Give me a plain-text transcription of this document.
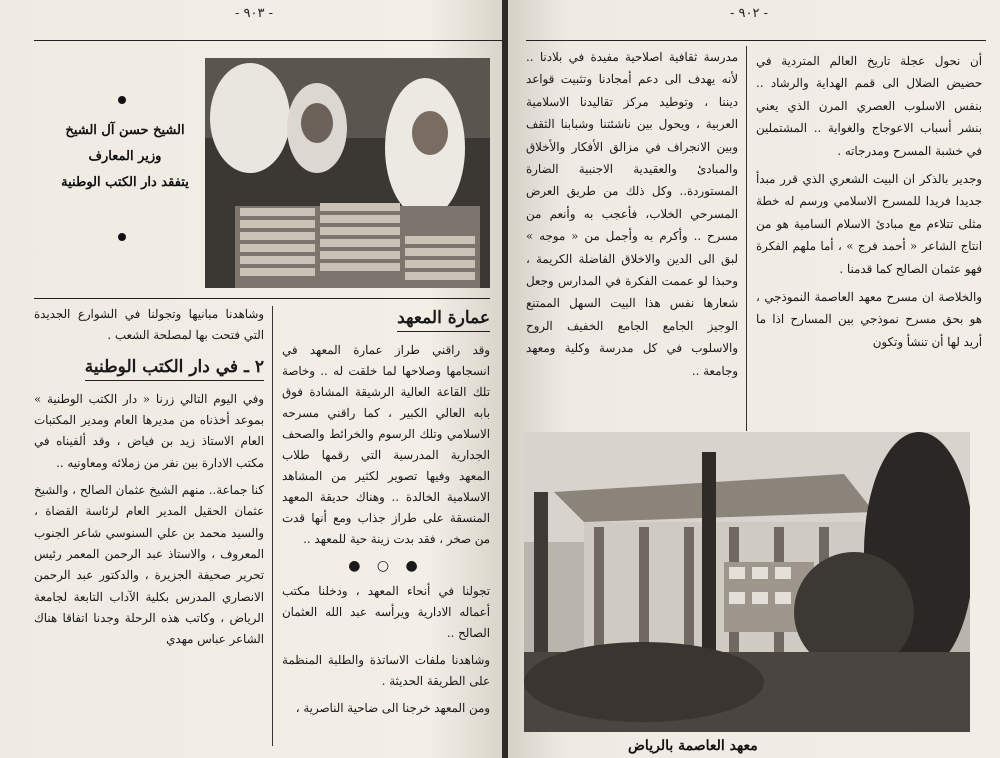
- ٩٠٣ -
الشيخ حسن آل الشيخ
وزير المعارف
يتفقد دار الكتب الوطنية
عمارة المعهد

وقد راقني طراز عمارة المعهد في انسجامها وصلاحها لما خلقت له .. وخاصة تلك القاعة العالية الرشيقة المشادة فوق بابه العالي الكبير ، كما راقني مسرحه الاسلامي وتلك الرسوم والخرائط والصحف الجدارية المدرسية التي رقمها طلاب المعهد وفيها تصوير لكثير من المشاهد الاسلامية الخالدة .. وهناك حديقة المعهد المنسقة على طراز جذاب ومع أنها قدت من صخر ، فقد بدت زينة حية للمعهد ..

● ○ ●

تجولنا في أنحاء المعهد ، ودخلنا مكتب أعماله الادارية ويرأسه عبد الله العثمان الصالح ..

وشاهدنا ملفات الاساتذة والطلبة المنظمة على الطريقة الحديثة .

ومن المعهد خرجنا الى ضاحية الناصرية ،

وشاهدنا مبانيها وتجولنا في الشوارع الجديدة التي فتحت بها لمصلحة الشعب .

٢ ـ في دار الكتب الوطنية

وفي اليوم التالي زرنا « دار الكتب الوطنية » بموعد أخذناه من مديرها العام ومدير المكتبات العام الاستاذ زيد بن فياض ، وقد ألفيناه في مكتب الادارة بين نفر من زملائه ومعاونيه ..

كنا جماعة.. منهم الشيخ عثمان الصالح ، والشيخ عثمان الحقيل المدير العام لرئاسة القضاة ، والسيد محمد بن علي السنوسي شاعر الجنوب المعروف ، والاستاذ عبد الرحمن المعمر رئيس تحرير صحيفة الجزيرة ، والدكتور عبد الرحمن الانصاري المدرس بكلية الآداب التابعة لجامعة الرياض ، وكاتب هذه الرحلة وجدنا اتفاقا هناك الشاعر عباس مهدي

- ٩٠٢ -

مدرسة ثقافية اصلاحية مفيدة في بلادنا .. لأنه يهدف الى دعم أمجادنا وتثبيت قواعد ديننا ، وتوطيد مركز تقاليدنا الاسلامية العربية ، ويحول بين ناشئتنا وشبابنا الثقف وبين الانجراف في مزالق الأفكار والأخلاق والمبادئ والعقيدية الاجنبية الضارة المستوردة.. وكل ذلك من طريق العرض المسرحي الخلاب، فأعجب به وأنعم من مسرح .. وأكرم به وأجمل من « موجه » لبق الى الدين والاخلاق الفاضلة الكريمة ، وحبذا لو عممت الفكرة في المدارس وجعل شعارها نفس هذا البيت السهل الممتنع الوجيز الجامع الجامع الخفيف الروح والاسلوب في كل مدرسة وكلية ومعهد وجامعة ..

أن نحول عجلة تاريخ العالم المتردية في حضيض الضلال الى قمم الهداية والرشاد .. بنفس الاسلوب العصري المرن الذي يعني بنشر أسباب الاعوجاج والغواية .. المشتملين في خشبة المسرح ومدرجاته .

وجدير بالذكر ان البيت الشعري الذي قرر مبدأ جديدا فريدا للمسرح الاسلامي ورسم له خطة مثلى تتلاءم مع مبادئ الاسلام السامية هو من انتاج الشاعر « أحمد فرج » ، أما ملهم الفكرة فهو عثمان الصالح كما قدمنا .

والخلاصة ان مسرح معهد العاصمة النموذجي ، هو بحق مسرح نموذجي بين المسارح اذا ما أريد لها أن تنشأ وتكون

معهد العاصمة بالرياض
